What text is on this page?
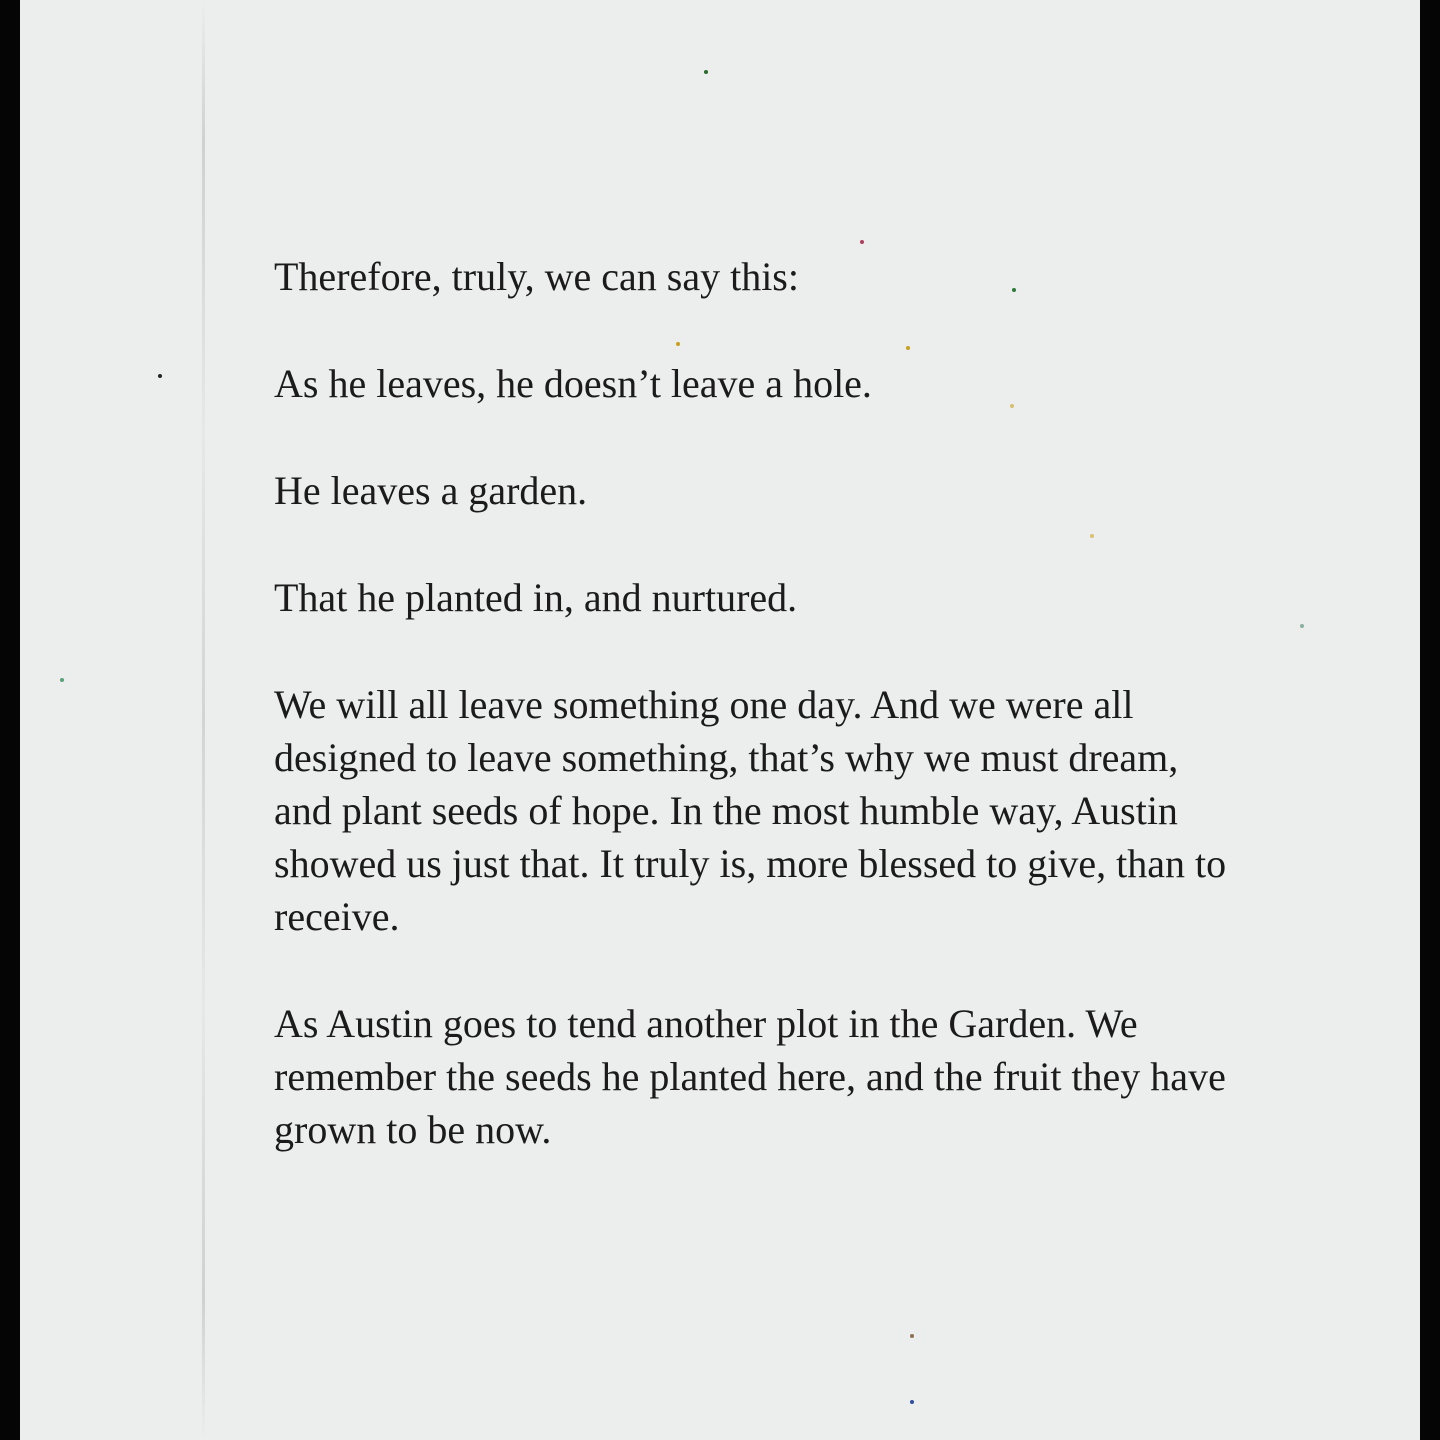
Therefore, truly, we can say this:

As he leaves, he doesn’t leave a hole.

He leaves a garden.

That he planted in, and nurtured.

We will all leave something one day. And we were all designed to leave something, that’s why we must dream, and plant seeds of hope. In the most humble way, Austin showed us just that. It truly is, more blessed to give, than to receive.

As Austin goes to tend another plot in the Garden. We remember the seeds he planted here, and the fruit they have grown to be now.
